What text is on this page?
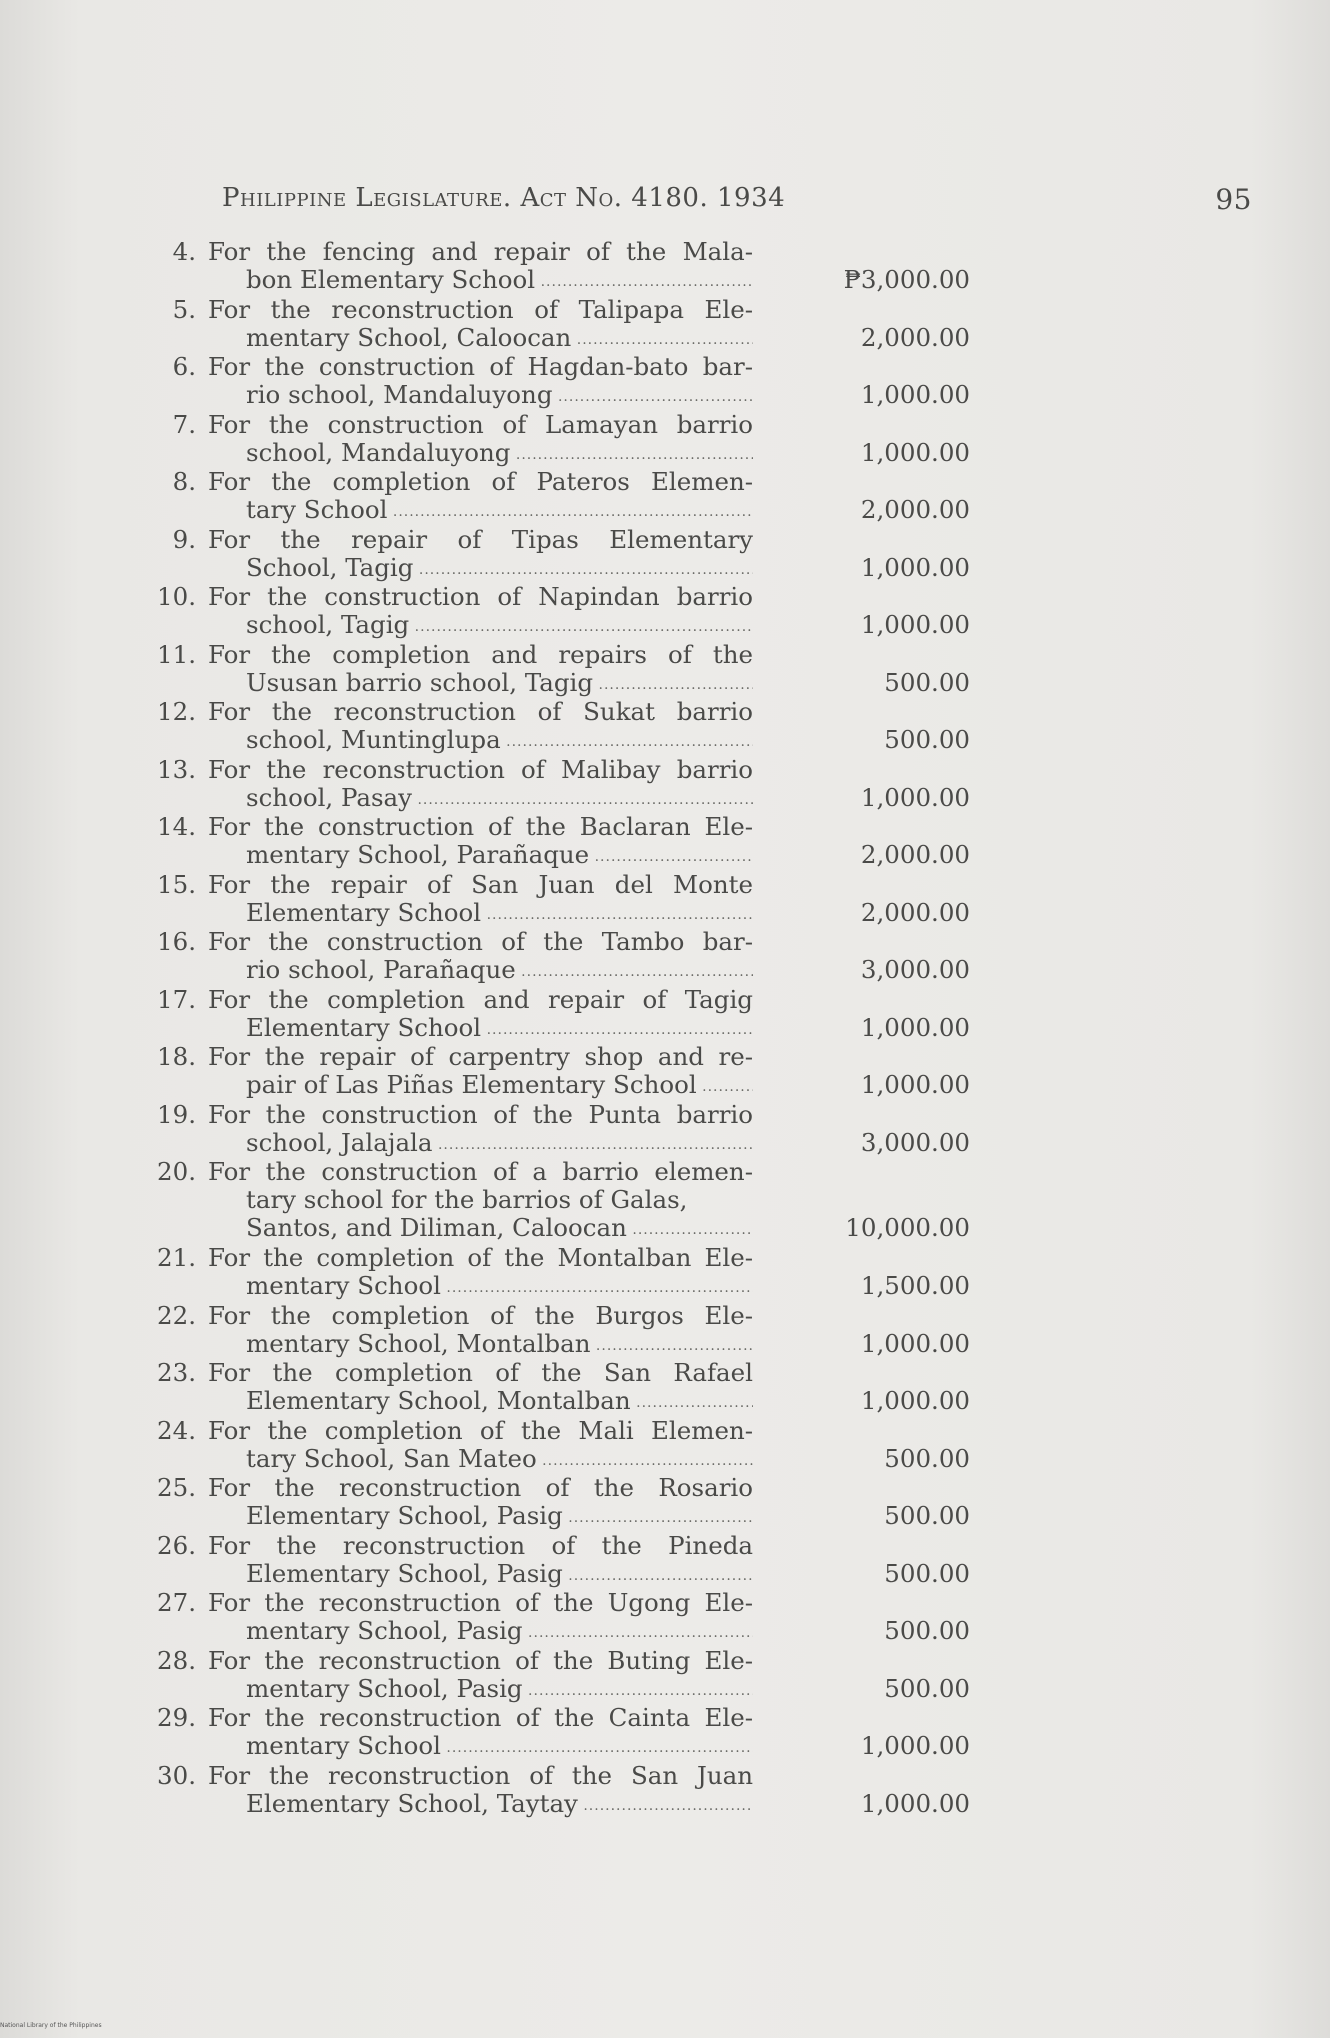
Philippine Legislature. Act No. 4180. 1934	95
4. For the fencing and repair of the Mala-
bon Elementary School .....	₱3,000.00
5. For the reconstruction of Talipapa Ele-
mentary School, Caloocan .....	2,000.00
6. For the construction of Hagdan-bato bar-
rio school, Mandaluyong .....	1,000.00
7. For the construction of Lamayan barrio
school, Mandaluyong .....	1,000.00
8. For the completion of Pateros Elemen-
tary School .....	2,000.00
9. For the repair of Tipas Elementary
School, Tagig .....	1,000.00
10. For the construction of Napindan barrio
school, Tagig .....	1,000.00
11. For the completion and repairs of the
Ususan barrio school, Tagig .....	500.00
12. For the reconstruction of Sukat barrio
school, Muntinglupa .....	500.00
13. For the reconstruction of Malibay barrio
school, Pasay .....	1,000.00
14. For the construction of the Baclaran Ele-
mentary School, Parañaque .....	2,000.00
15. For the repair of San Juan del Monte
Elementary School .....	2,000.00
16. For the construction of the Tambo bar-
rio school, Parañaque .....	3,000.00
17. For the completion and repair of Tagig
Elementary School .....	1,000.00
18. For the repair of carpentry shop and re-
pair of Las Piñas Elementary School .....	1,000.00
19. For the construction of the Punta barrio
school, Jalajala .....	3,000.00
20. For the construction of a barrio elemen-
tary school for the barrios of Galas,
Santos, and Diliman, Caloocan .....	10,000.00
21. For the completion of the Montalban Ele-
mentary School .....	1,500.00
22. For the completion of the Burgos Ele-
mentary School, Montalban .....	1,000.00
23. For the completion of the San Rafael
Elementary School, Montalban .....	1,000.00
24. For the completion of the Mali Elemen-
tary School, San Mateo .....	500.00
25. For the reconstruction of the Rosario
Elementary School, Pasig .....	500.00
26. For the reconstruction of the Pineda
Elementary School, Pasig .....	500.00
27. For the reconstruction of the Ugong Ele-
mentary School, Pasig .....	500.00
28. For the reconstruction of the Buting Ele-
mentary School, Pasig .....	500.00
29. For the reconstruction of the Cainta Ele-
mentary School .....	1,000.00
30. For the reconstruction of the San Juan
Elementary School, Taytay .....	1,000.00
National Library of the Philippines
